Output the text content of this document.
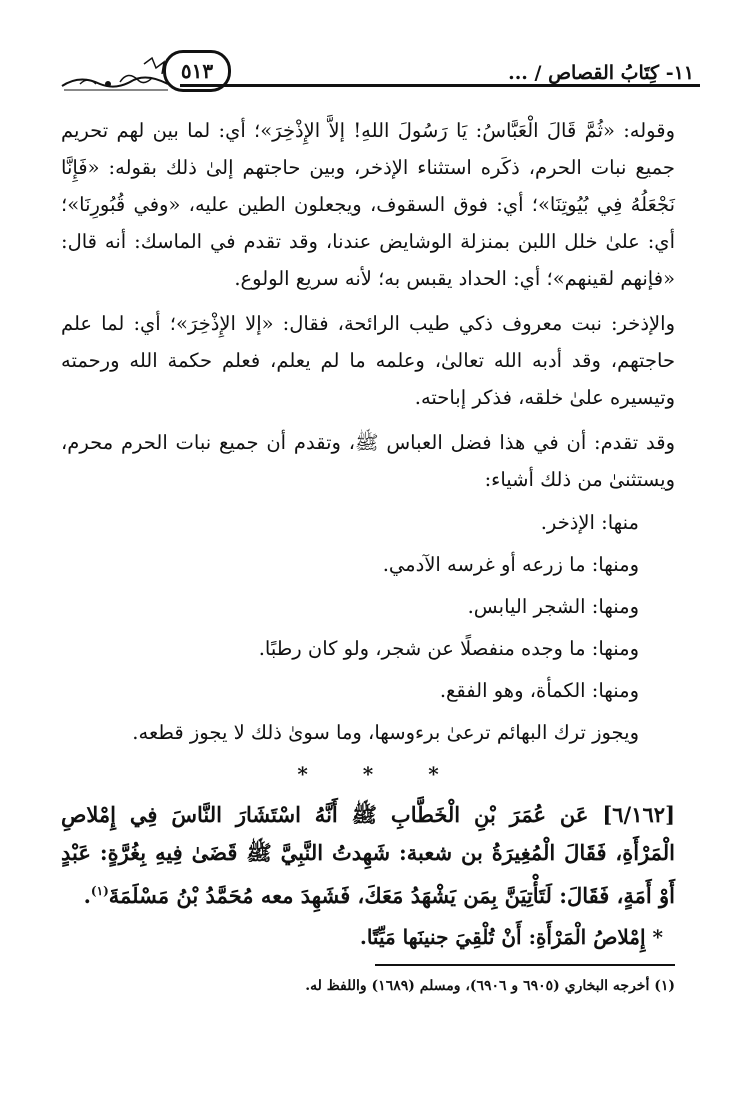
٥١٣	١١- كِتَابُ القصاص / ...

وقوله: «ثُمَّ قَالَ الْعَبَّاسُ: يَا رَسُولَ اللهِ! إلاَّ الإِذْخِرَ»؛ أي: لما بين لهم تحريم جميع نبات الحرم، ذكَره استثناء الإذخر، وبين حاجتهم إلىٰ ذلك بقوله: «فَإِنَّا نَجْعَلُهُ فِي بُيُوتِنَا»؛ أي: فوق السقوف، ويجعلون الطين عليه، «وفي قُبُورِنَا»؛ أي: علىٰ خلل اللبن بمنزلة الوشايض عندنا، وقد تقدم في الماسك: أنه قال: «فإنهم لقينهم»؛ أي: الحداد يقبس به؛ لأنه سريع الولوع.

والإذخر: نبت معروف ذكي طيب الرائحة، فقال: «إلا الإِذْخِرَ»؛ أي: لما علم حاجتهم، وقد أدبه الله تعالىٰ، وعلمه ما لم يعلم، فعلم حكمة الله ورحمته وتيسيره علىٰ خلقه، فذكر إباحته.

وقد تقدم: أن في هذا فضل العباس ﷺ، وتقدم أن جميع نبات الحرم محرم، ويستثنىٰ من ذلك أشياء:

منها: الإذخر.

ومنها: ما زرعه أو غرسه الآدمي.

ومنها: الشجر اليابس.

ومنها: ما وجده منفصلًا عن شجر، ولو كان رطبًا.

ومنها: الكمأة، وهو الفقع.

ويجوز ترك البهائم ترعىٰ برءوسها، وما سوىٰ ذلك لا يجوز قطعه.

*	*	*

[٦/١٦٢] عَن عُمَرَ بْنِ الْخَطَّابِ ﷺ أَنَّهُ اسْتَشَارَ النَّاسَ فِي إِمْلاصِ الْمَرْأَةِ، فَقَالَ الْمُغِيرَةُ بن شعبة: شَهِدتُ النَّبِيَّ ﷺ قَضَىٰ فِيهِ بِغُرَّةٍ: عَبْدٍ أَوْ أَمَةٍ، فَقَالَ: لَتَأْتِيَنَّ بِمَن يَشْهَدُ مَعَكَ، فَشَهِدَ معه مُحَمَّدُ بْنُ مَسْلَمَةَ$^{(١)}$.

* إِمْلاصُ الْمَرْأَةِ: أَنْ تُلْقِيَ جنينَها مَيِّتًا.

(١) أخرجه البخاري (٦٩٠٥ و ٦٩٠٦)، ومسلم (١٦٨٩) واللفظ له.
